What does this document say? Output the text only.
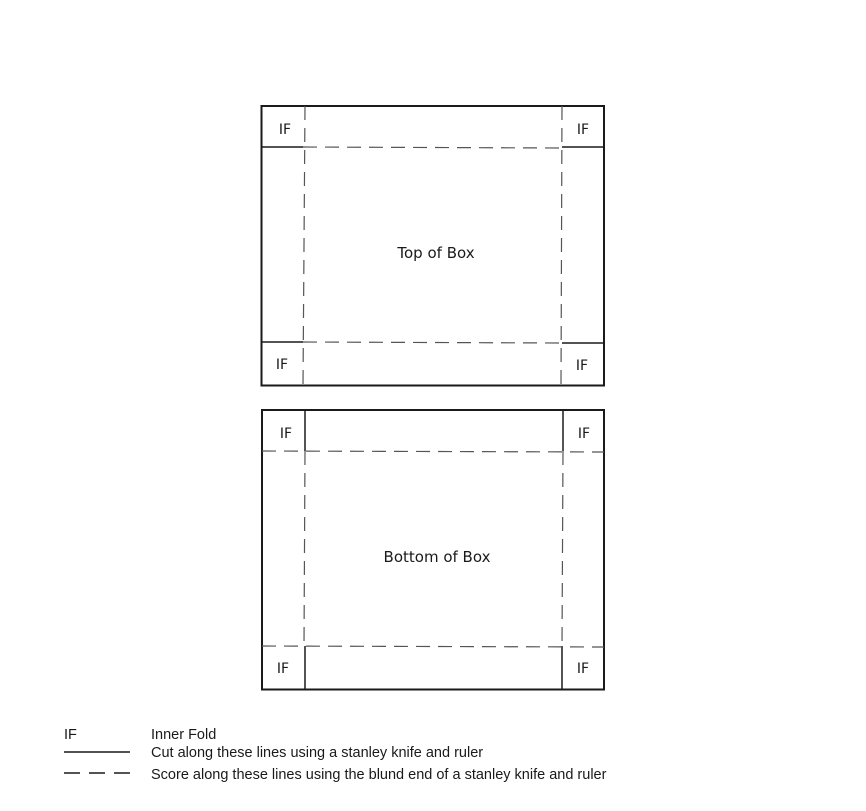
Top of Box
IF	IF
IF	IF
Bottom of Box
IF	IF
IF	IF
IF	Inner Fold
Cut along these lines using a stanley knife and ruler
Score along these lines using the blund end of a stanley knife and ruler
